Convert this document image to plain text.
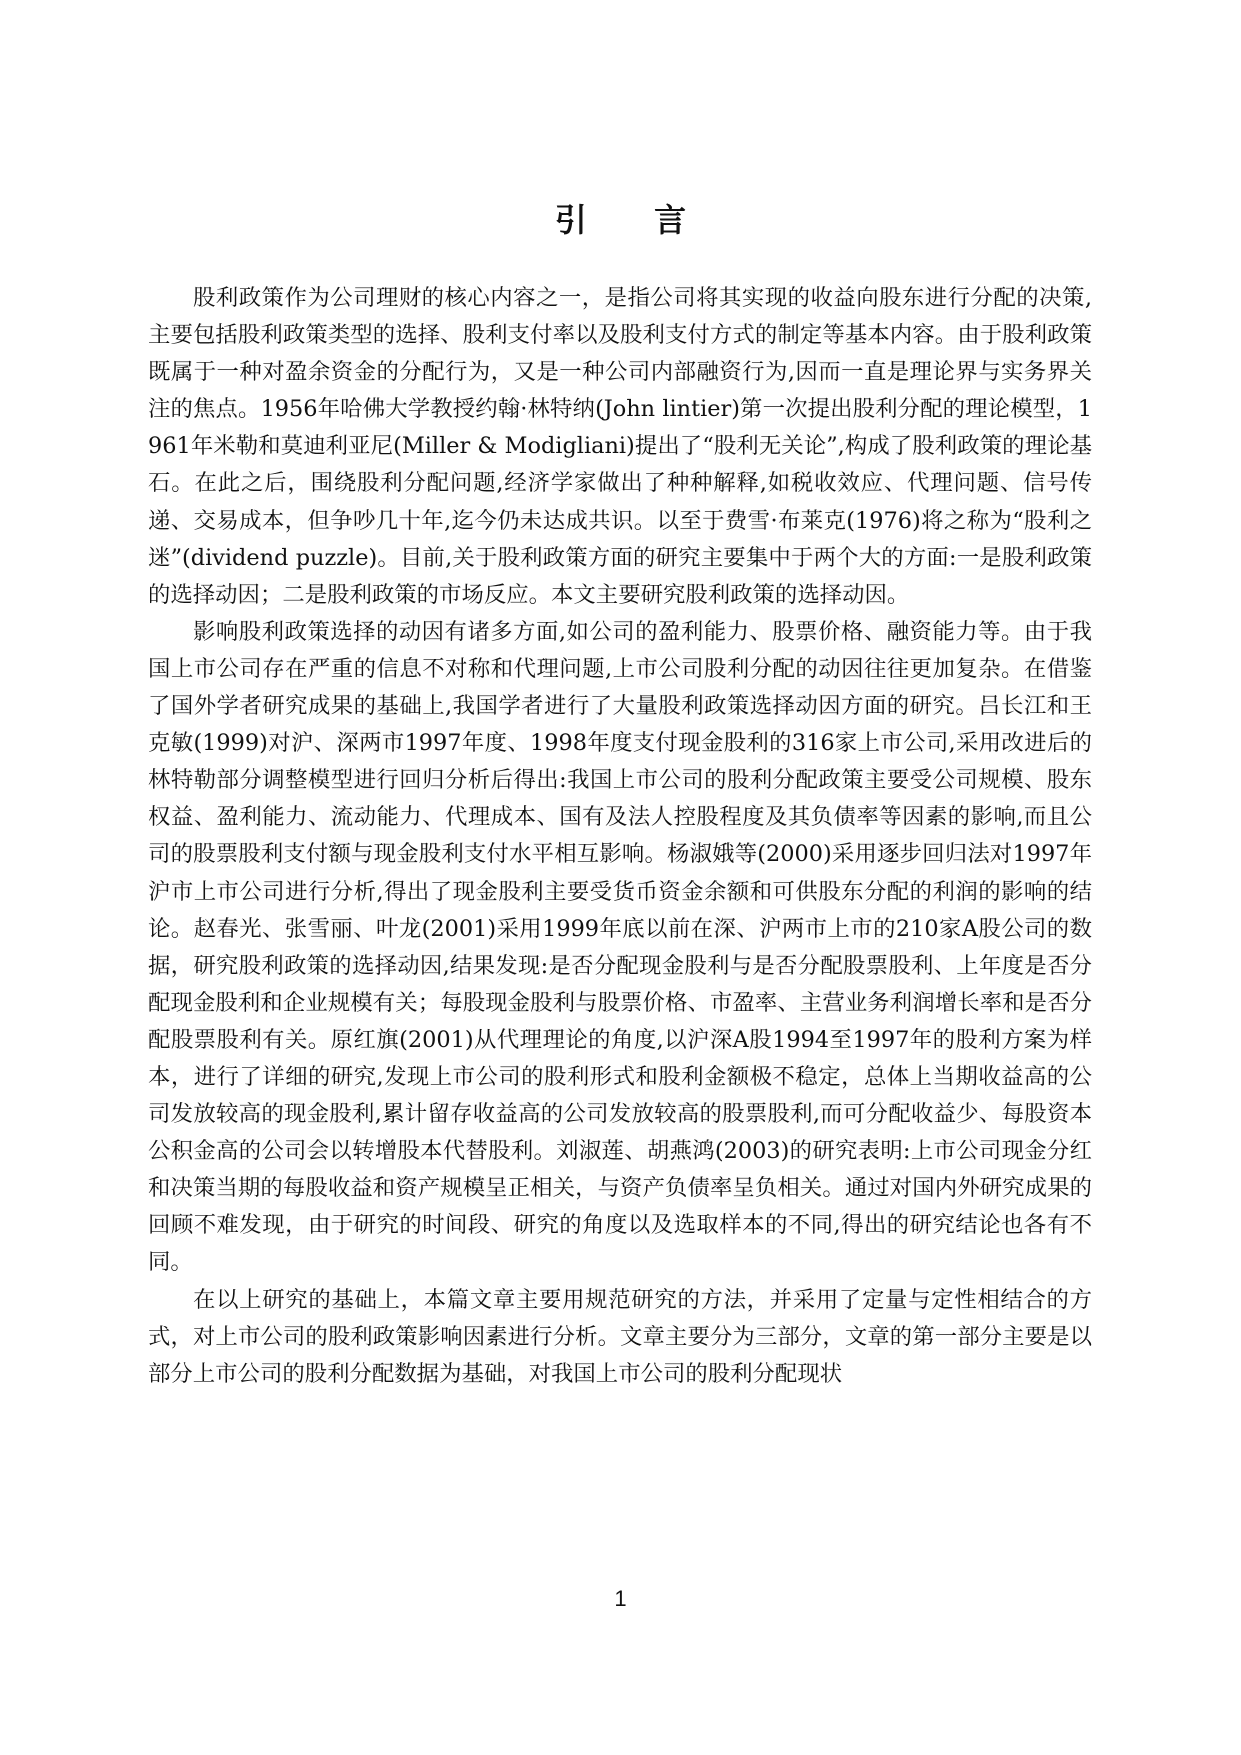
引 言

股利政策作为公司理财的核心内容之一，是指公司将其实现的收益向股东进行分配的决策,主要包括股利政策类型的选择、股利支付率以及股利支付方式的制定等基本内容。由于股利政策既属于一种对盈余资金的分配行为，又是一种公司内部融资行为,因而一直是理论界与实务界关注的焦点。1956年哈佛大学教授约翰·林特纳(John lintier)第一次提出股利分配的理论模型，1961年米勒和莫迪利亚尼(Miller & Modigliani)提出了“股利无关论”,构成了股利政策的理论基石。在此之后，围绕股利分配问题,经济学家做出了种种解释,如税收效应、代理问题、信号传递、交易成本，但争吵几十年,迄今仍未达成共识。以至于费雪·布莱克(1976)将之称为“股利之迷”(dividend puzzle)。目前,关于股利政策方面的研究主要集中于两个大的方面:一是股利政策的选择动因；二是股利政策的市场反应。本文主要研究股利政策的选择动因。

影响股利政策选择的动因有诸多方面,如公司的盈利能力、股票价格、融资能力等。由于我国上市公司存在严重的信息不对称和代理问题,上市公司股利分配的动因往往更加复杂。在借鉴了国外学者研究成果的基础上,我国学者进行了大量股利政策选择动因方面的研究。吕长江和王克敏(1999)对沪、深两市1997年度、1998年度支付现金股利的316家上市公司,采用改进后的林特勒部分调整模型进行回归分析后得出:我国上市公司的股利分配政策主要受公司规模、股东权益、盈利能力、流动能力、代理成本、国有及法人控股程度及其负债率等因素的影响,而且公司的股票股利支付额与现金股利支付水平相互影响。杨淑娥等(2000)采用逐步回归法对1997年沪市上市公司进行分析,得出了现金股利主要受货币资金余额和可供股东分配的利润的影响的结论。赵春光、张雪丽、叶龙(2001)采用1999年底以前在深、沪两市上市的210家A股公司的数据，研究股利政策的选择动因,结果发现:是否分配现金股利与是否分配股票股利、上年度是否分配现金股利和企业规模有关；每股现金股利与股票价格、市盈率、主营业务利润增长率和是否分配股票股利有关。原红旗(2001)从代理理论的角度,以沪深A股1994至1997年的股利方案为样本，进行了详细的研究,发现上市公司的股利形式和股利金额极不稳定，总体上当期收益高的公司发放较高的现金股利,累计留存收益高的公司发放较高的股票股利,而可分配收益少、每股资本公积金高的公司会以转增股本代替股利。刘淑莲、胡燕鸿(2003)的研究表明:上市公司现金分红和决策当期的每股收益和资产规模呈正相关，与资产负债率呈负相关。通过对国内外研究成果的回顾不难发现，由于研究的时间段、研究的角度以及选取样本的不同,得出的研究结论也各有不同。

在以上研究的基础上，本篇文章主要用规范研究的方法，并采用了定量与定性相结合的方式，对上市公司的股利政策影响因素进行分析。文章主要分为三部分，文章的第一部分主要是以部分上市公司的股利分配数据为基础，对我国上市公司的股利分配现状

1
